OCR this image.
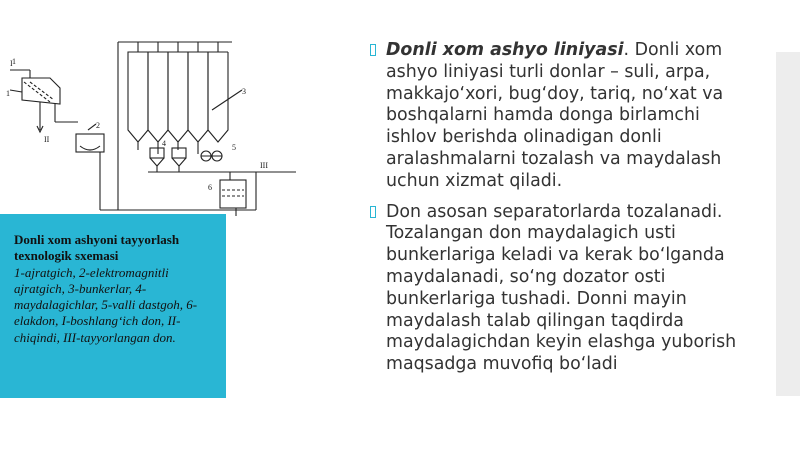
1
1
2
3
4	5
6
I
II
III
Donli xom ashyoni tayyorlash texnologik sxemasi
1-ajratgich, 2-elektromagnitli ajratgich, 3-bunkerlar, 4-maydalagichlar, 5-valli dastgoh, 6-elakdon, I-boshlang‘ich don, II-chiqindi, III-tayyorlangan don.
Donli xom ashyo liniyasi. Donli xom ashyo liniyasi turli donlar – suli, arpa, makkajo‘xori, bug‘doy, tariq, no‘xat va boshqalarni hamda donga birlamchi ishlov berishda olinadigan donli aralashmalarni tozalash va maydalash uchun xizmat qiladi.
Don asosan separatorlarda tozalanadi. Tozalangan don maydalagich usti bunkerlariga keladi va kerak bo‘lganda maydalanadi, so‘ng dozator osti bunkerlariga tushadi. Donni mayin maydalash talab qilingan taqdirda maydalagichdan keyin elashga yuborish maqsadga muvofiq bo‘ladi
